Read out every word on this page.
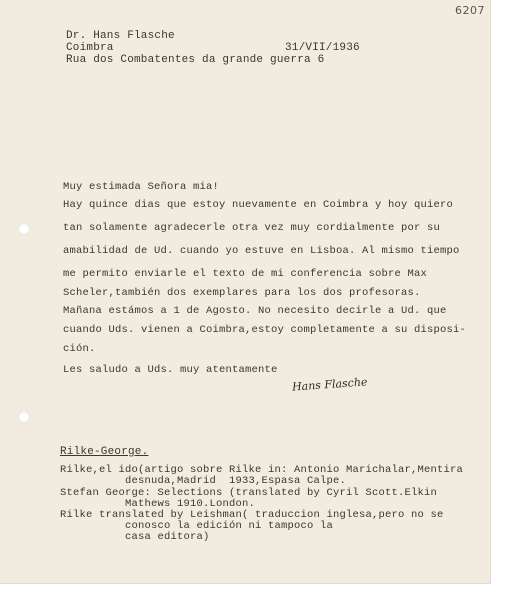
6207
Dr. Hans Flasche
Coimbra	31/VII/1936
Rua dos Combatentes da grande guerra 6
Muy estimada Señora mia!
Hay quince dias que estoy nuevamente en Coimbra y hoy quiero
tan solamente agradecerle otra vez muy cordialmente por su
amabilidad de Ud. cuando yo estuve en Lisboa. Al mismo tiempo
me permito enviarle el texto de mi conferencia sobre Max
Scheler,también dos exemplares para los dos profesoras.
Mañana estámos a 1 de Agosto. No necesito decirle a Ud. que
cuando Uds. vienen a Coimbra,estoy completamente a su disposi-
ción.
Les saludo a Uds. muy atentamente
Hans Flasche
Rilke-George.
Rilke,el ido(artigo sobre Rilke in: Antonio Marichalar,Mentira
desnuda,Madrid  1933,Espasa Calpe.
Stefan George: Selections (translated by Cyril Scott.Elkin
Mathews 1910.London.
Rilke translated by Leishman( traduccion inglesa,pero no se
conosco la edición ni tampoco la
casa editora)
